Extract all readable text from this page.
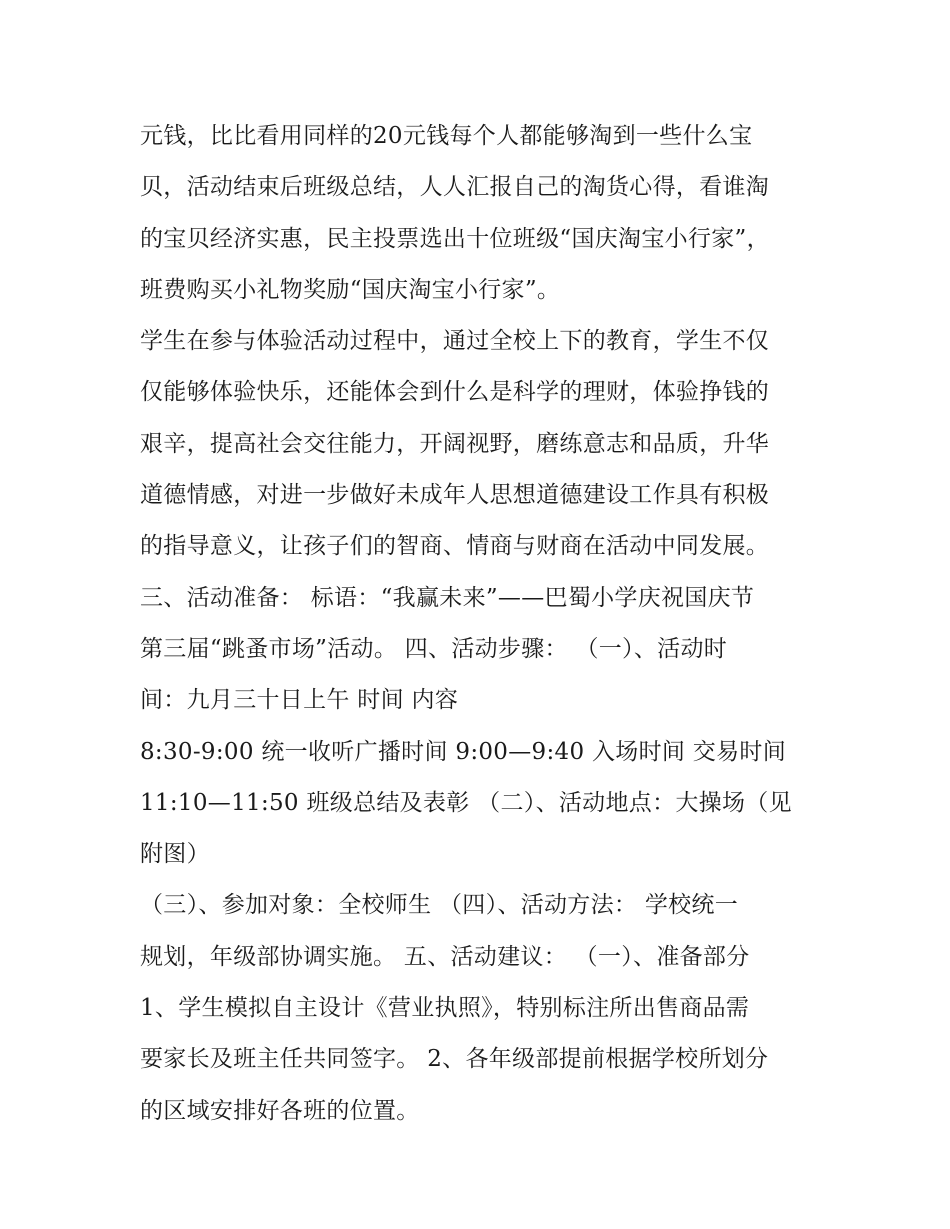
元钱，比比看用同样的20元钱每个人都能够淘到一些什么宝
贝，活动结束后班级总结，人人汇报自己的淘货心得，看谁淘
的宝贝经济实惠，民主投票选出十位班级“国庆淘宝小行家”，
班费购买小礼物奖励“国庆淘宝小行家”。
学生在参与体验活动过程中，通过全校上下的教育，学生不仅
仅能够体验快乐，还能体会到什么是科学的理财，体验挣钱的
艰辛，提高社会交往能力，开阔视野，磨练意志和品质，升华
道德情感，对进一步做好未成年人思想道德建设工作具有积极
的指导意义，让孩子们的智商、情商与财商在活动中同发展。
三、活动准备： 标语：“我赢未来”——巴蜀小学庆祝国庆节
第三届“跳蚤市场”活动。 四、活动步骤： （一）、活动时
间：九月三十日上午 时间 内容
8:30-9:00 统一收听广播时间 9:00—9:40 入场时间 交易时间
11:10—11:50 班级总结及表彰 （二）、活动地点：大操场（见
附图）
（三）、参加对象：全校师生 （四）、活动方法： 学校统一
规划，年级部协调实施。 五、活动建议： （一）、准备部分
1、学生模拟自主设计《营业执照》，特别标注所出售商品需
要家长及班主任共同签字。 2、各年级部提前根据学校所划分
的区域安排好各班的位置。
